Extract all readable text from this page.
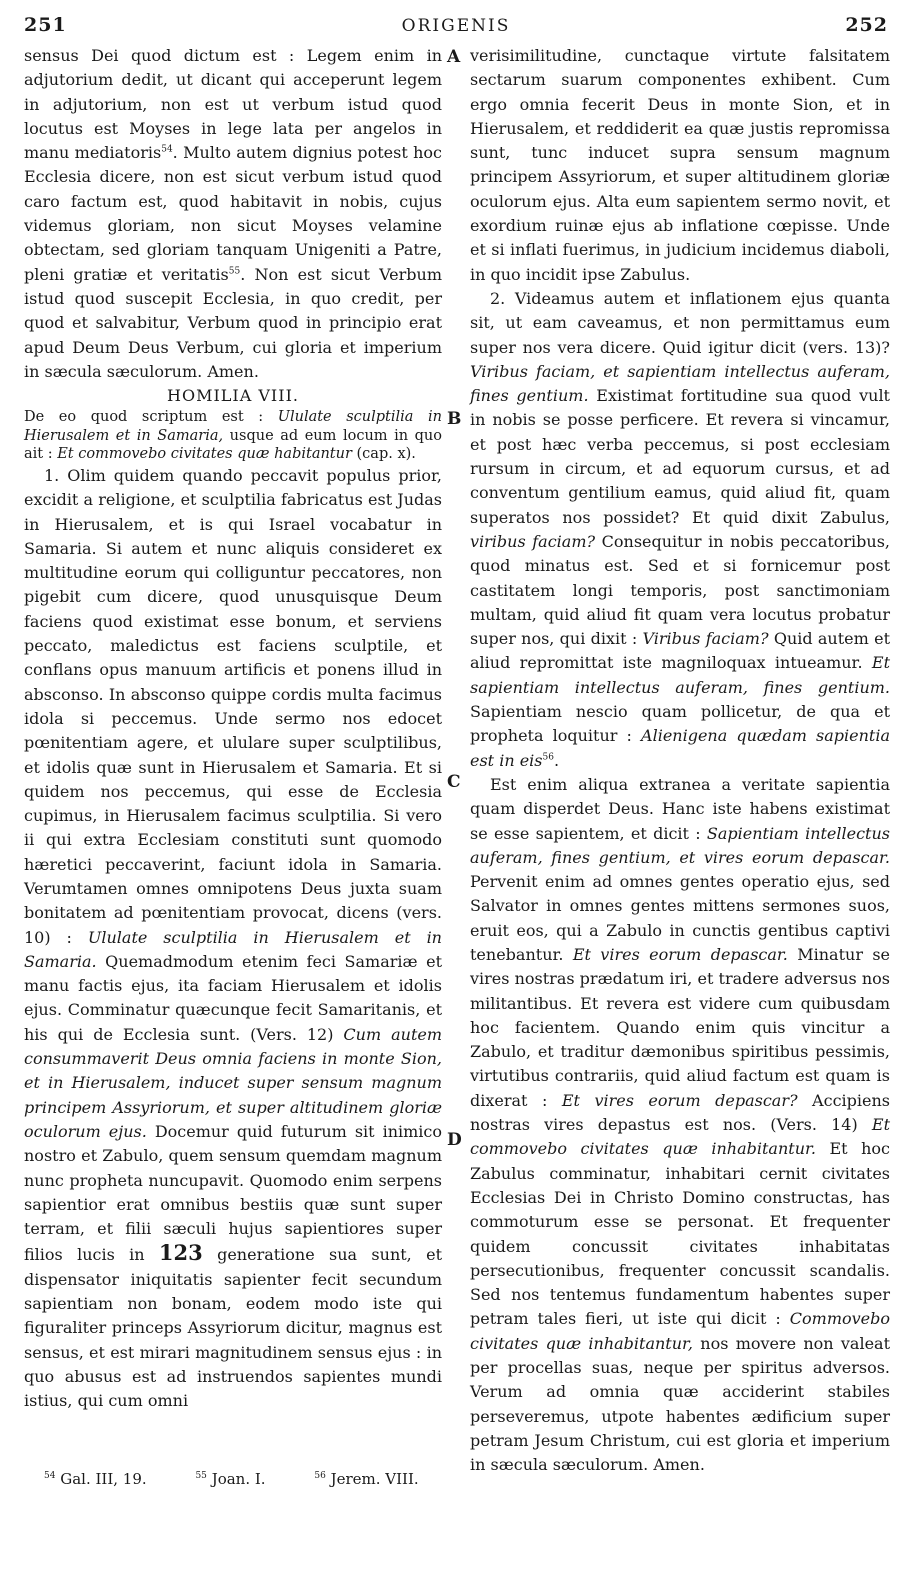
251	ORIGENIS	252

sensus Dei quod dictum est : Legem enim in adjutorium dedit, ut dicant qui acceperunt legem in adjutorium, non est ut verbum istud quod locutus est Moyses in lege lata per angelos in manu mediatoris$^{54}$. Multo autem dignius potest hoc Ecclesia dicere, non est sicut verbum istud quod caro factum est, quod habitavit in nobis, cujus videmus gloriam, non sicut Moyses velamine obtectam, sed gloriam tanquam Unigeniti a Patre, pleni gratiæ et veritatis$^{55}$. Non est sicut Verbum istud quod suscepit Ecclesia, in quo credit, per quod et salvabitur, Verbum quod in principio erat apud Deum Deus Verbum, cui gloria et imperium in sæcula sæculorum. Amen.

HOMILIA VIII.

De eo quod scriptum est : Ululate sculptilia in Hierusalem et in Samaria, usque ad eum locum in quo ait : Et commovebo civitates quæ habitantur (cap. x).

1. Olim quidem quando peccavit populus prior, excidit a religione, et sculptilia fabricatus est Judas in Hierusalem, et is qui Israel vocabatur in Samaria. Si autem et nunc aliquis consideret ex multitudine eorum qui colliguntur peccatores, non pigebit cum dicere, quod unusquisque Deum faciens quod existimat esse bonum, et serviens peccato, maledictus est faciens sculptile, et conflans opus manuum artificis et ponens illud in absconso. In absconso quippe cordis multa facimus idola si peccemus. Unde sermo nos edocet pœnitentiam agere, et ululare super sculptilibus, et idolis quæ sunt in Hierusalem et Samaria. Et si quidem nos peccemus, qui esse de Ecclesia cupimus, in Hierusalem facimus sculptilia. Si vero ii qui extra Ecclesiam constituti sunt quomodo hæretici peccaverint, faciunt idola in Samaria. Verumtamen omnes omnipotens Deus juxta suam bonitatem ad pœnitentiam provocat, dicens (vers. 10) : Ululate sculptilia in Hierusalem et in Samaria. Quemadmodum etenim feci Samariæ et manu factis ejus, ita faciam Hierusalem et idolis ejus. Comminatur quæcunque fecit Samaritanis, et his qui de Ecclesia sunt. (Vers. 12) Cum autem consummaverit Deus omnia faciens in monte Sion, et in Hierusalem, inducet super sensum magnum principem Assyriorum, et super altitudinem gloriæ oculorum ejus. Docemur quid futurum sit inimico nostro et Zabulo, quem sensum quemdam magnum nunc propheta nuncupavit. Quomodo enim serpens sapientior erat omnibus bestiis quæ sunt super terram, et filii sæculi hujus sapientiores super filios lucis in 123 generatione sua sunt, et dispensator iniquitatis sapienter fecit secundum sapientiam non bonam, eodem modo iste qui figuraliter princeps Assyriorum dicitur, magnus est sensus, et est mirari magnitudinem sensus ejus : in quo abusus est ad instruendos sapientes mundi istius, qui cum omni

A
B
C
D

verisimilitudine, cunctaque virtute falsitatem sectarum suarum componentes exhibent. Cum ergo omnia fecerit Deus in monte Sion, et in Hierusalem, et reddiderit ea quæ justis repromissa sunt, tunc inducet supra sensum magnum principem Assyriorum, et super altitudinem gloriæ oculorum ejus. Alta eum sapientem sermo novit, et exordium ruinæ ejus ab inflatione cœpisse. Unde et si inflati fuerimus, in judicium incidemus diaboli, in quo incidit ipse Zabulus.

2. Videamus autem et inflationem ejus quanta sit, ut eam caveamus, et non permittamus eum super nos vera dicere. Quid igitur dicit (vers. 13)? Viribus faciam, et sapientiam intellectus auferam, fines gentium. Existimat fortitudine sua quod vult in nobis se posse perficere. Et revera si vincamur, et post hæc verba peccemus, si post ecclesiam rursum in circum, et ad equorum cursus, et ad conventum gentilium eamus, quid aliud fit, quam superatos nos possidet? Et quid dixit Zabulus, viribus faciam? Consequitur in nobis peccatoribus, quod minatus est. Sed et si fornicemur post castitatem longi temporis, post sanctimoniam multam, quid aliud fit quam vera locutus probatur super nos, qui dixit : Viribus faciam? Quid autem et aliud repromittat iste magniloquax intueamur. Et sapientiam intellectus auferam, fines gentium. Sapientiam nescio quam pollicetur, de qua et propheta loquitur : Alienigena quædam sapientia est in eis$^{56}$.

Est enim aliqua extranea a veritate sapientia quam disperdet Deus. Hanc iste habens existimat se esse sapientem, et dicit : Sapientiam intellectus auferam, fines gentium, et vires eorum depascar. Pervenit enim ad omnes gentes operatio ejus, sed Salvator in omnes gentes mittens sermones suos, eruit eos, qui a Zabulo in cunctis gentibus captivi tenebantur. Et vires eorum depascar. Minatur se vires nostras prædatum iri, et tradere adversus nos militantibus. Et revera est videre cum quibusdam hoc facientem. Quando enim quis vincitur a Zabulo, et traditur dæmonibus spiritibus pessimis, virtutibus contrariis, quid aliud factum est quam is dixerat : Et vires eorum depascar? Accipiens nostras vires depastus est nos. (Vers. 14) Et commovebo civitates quæ inhabitantur. Et hoc Zabulus comminatur, inhabitari cernit civitates Ecclesias Dei in Christo Domino constructas, has commoturum esse se personat. Et frequenter quidem concussit civitates inhabitatas persecutionibus, frequenter concussit scandalis. Sed nos tentemus fundamentum habentes super petram tales fieri, ut iste qui dicit : Commovebo civitates quæ inhabitantur, nos movere non valeat per procellas suas, neque per spiritus adversos. Verum ad omnia quæ acciderint stabiles perseveremus, utpote habentes ædificium super petram Jesum Christum, cui est gloria et imperium in sæcula sæculorum. Amen.

$^{54}$ Gal. III, 19.	$^{55}$ Joan. I.	$^{56}$ Jerem. VIII.
